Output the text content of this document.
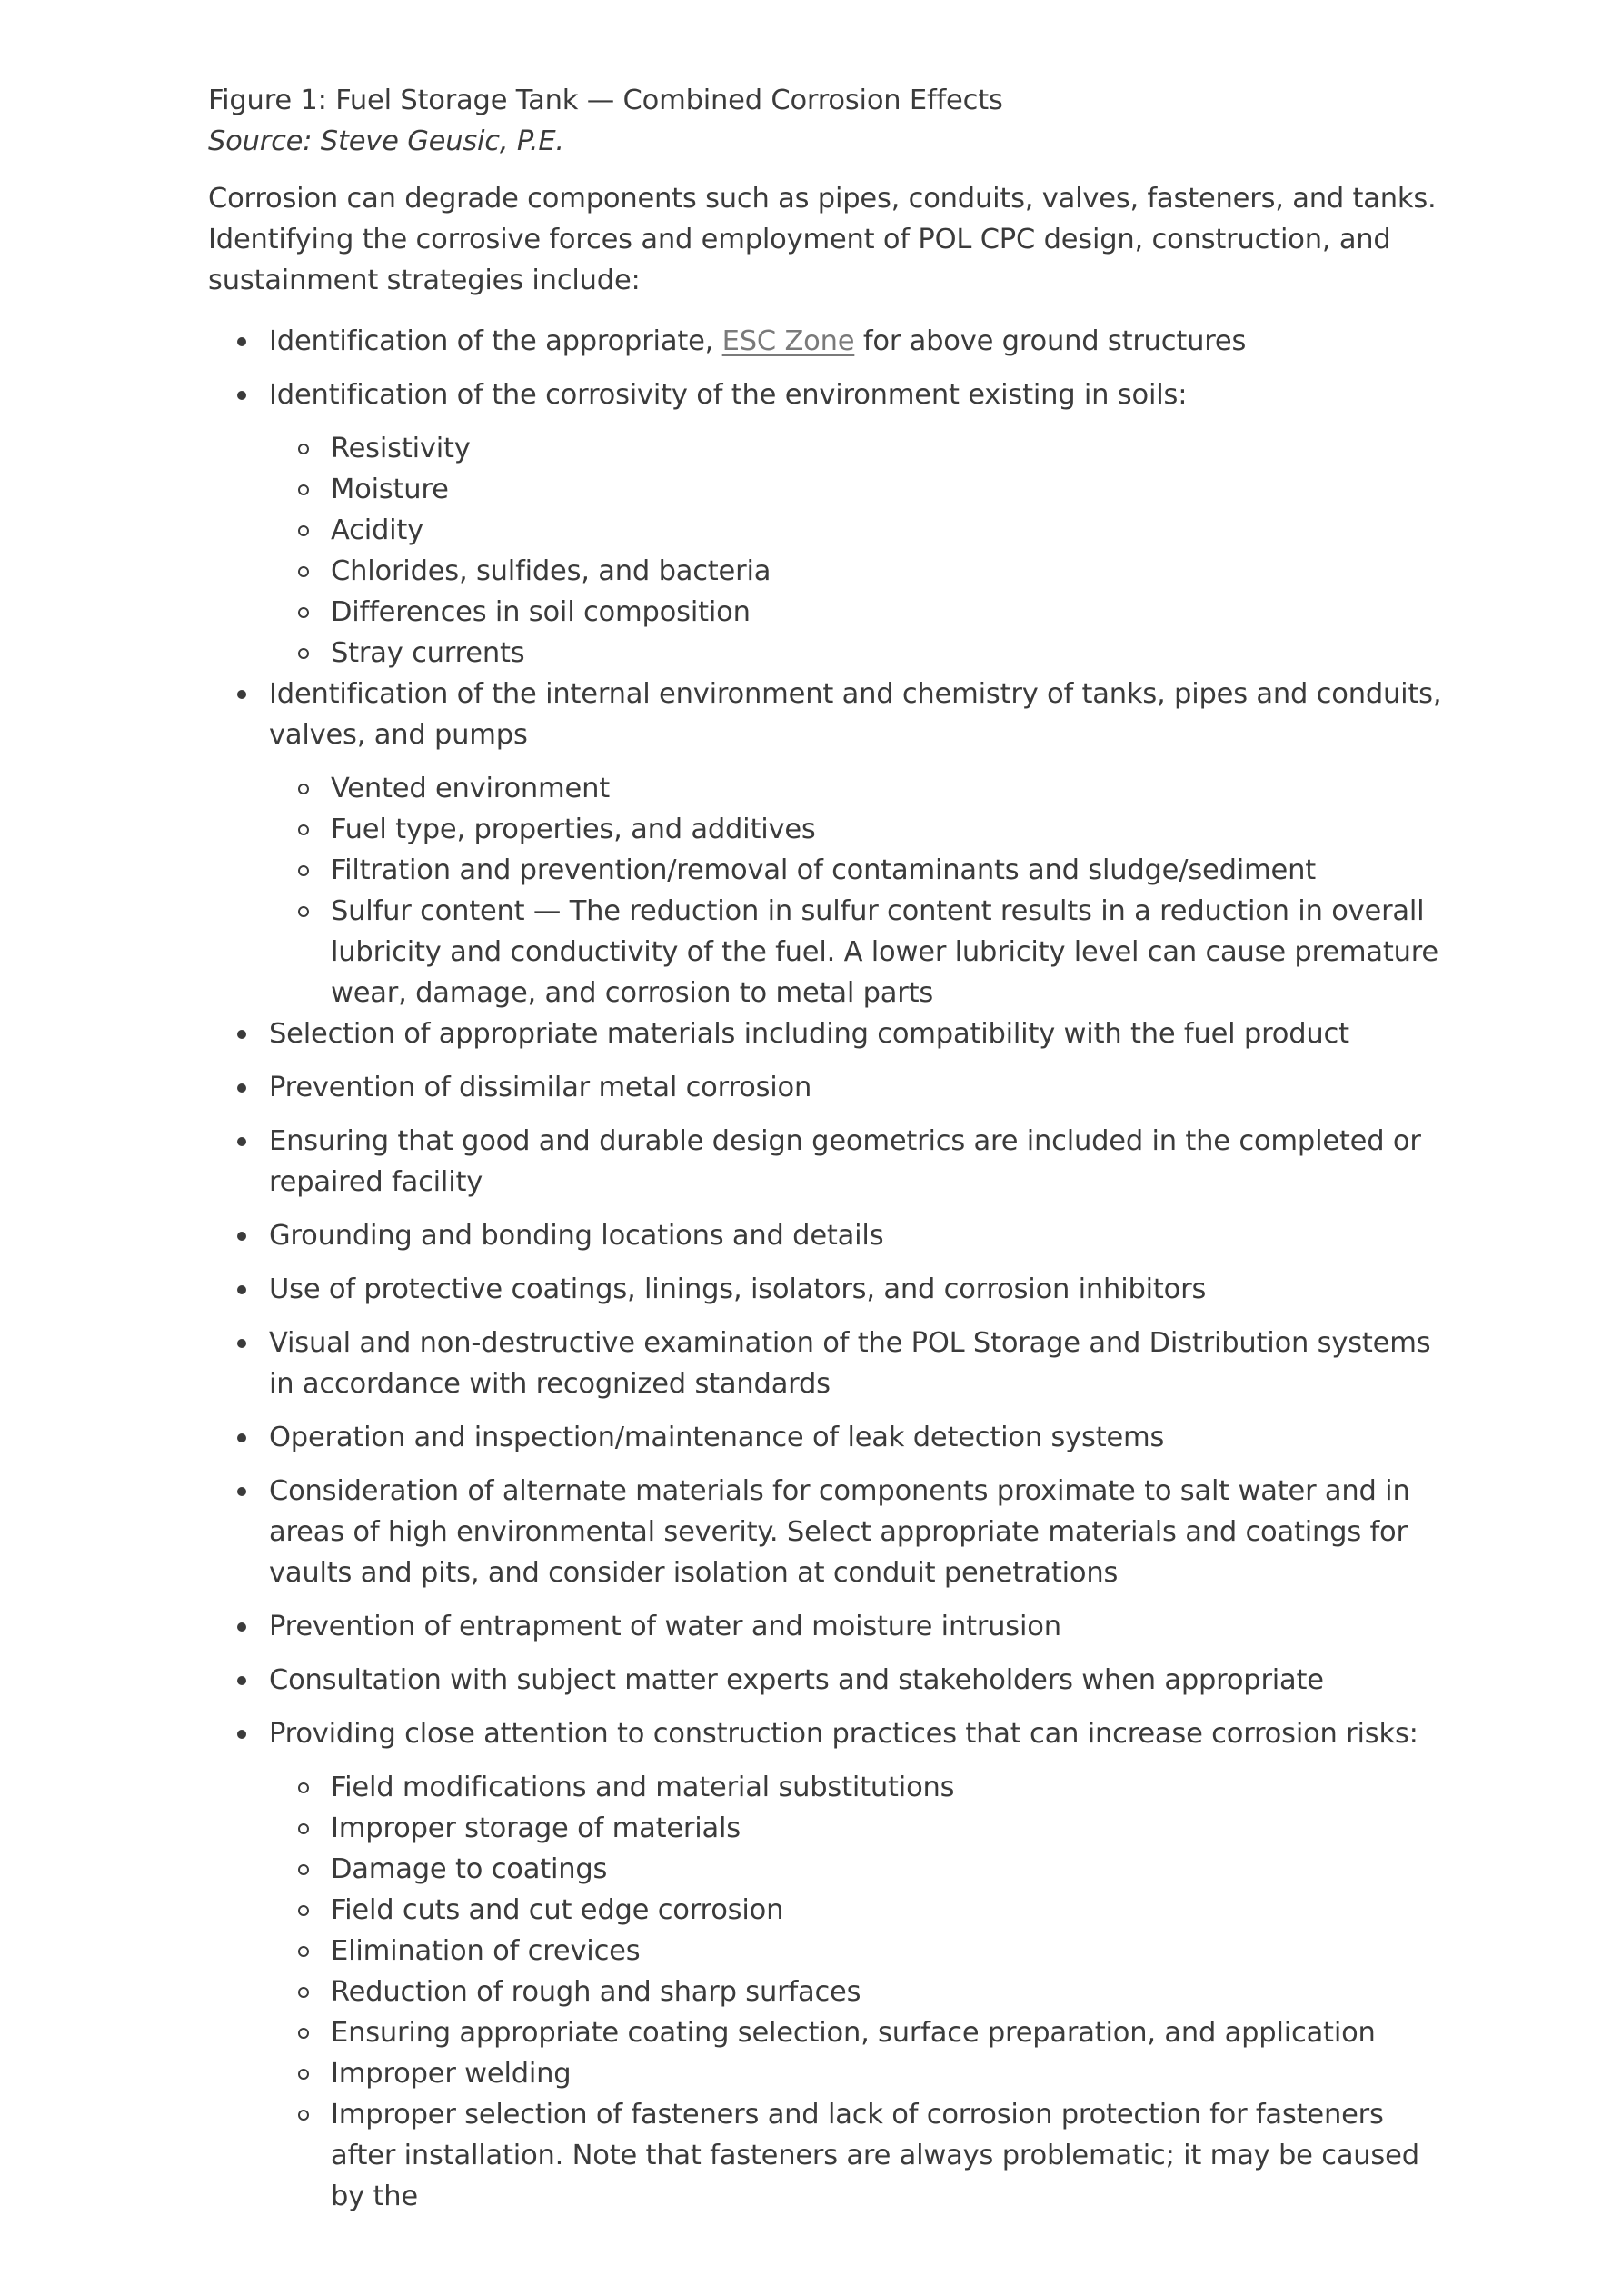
Figure 1: Fuel Storage Tank — Combined Corrosion Effects

Source: Steve Geusic, P.E.

Corrosion can degrade components such as pipes, conduits, valves, fasteners, and tanks. Identifying the corrosive forces and employment of POL CPC design, construction, and sustainment strategies include:

Identification of the appropriate, ESC Zone for above ground structures
Identification of the corrosivity of the environment existing in soils:
Resistivity
Moisture
Acidity
Chlorides, sulfides, and bacteria
Differences in soil composition
Stray currents
Identification of the internal environment and chemistry of tanks, pipes and conduits, valves, and pumps
Vented environment
Fuel type, properties, and additives
Filtration and prevention/removal of contaminants and sludge/sediment
Sulfur content — The reduction in sulfur content results in a reduction in overall lubricity and conductivity of the fuel. A lower lubricity level can cause premature wear, damage, and corrosion to metal parts
Selection of appropriate materials including compatibility with the fuel product
Prevention of dissimilar metal corrosion
Ensuring that good and durable design geometrics are included in the completed or repaired facility
Grounding and bonding locations and details
Use of protective coatings, linings, isolators, and corrosion inhibitors
Visual and non-destructive examination of the POL Storage and Distribution systems in accordance with recognized standards
Operation and inspection/maintenance of leak detection systems
Consideration of alternate materials for components proximate to salt water and in areas of high environmental severity. Select appropriate materials and coatings for vaults and pits, and consider isolation at conduit penetrations
Prevention of entrapment of water and moisture intrusion
Consultation with subject matter experts and stakeholders when appropriate
Providing close attention to construction practices that can increase corrosion risks:
Field modifications and material substitutions
Improper storage of materials
Damage to coatings
Field cuts and cut edge corrosion
Elimination of crevices
Reduction of rough and sharp surfaces
Ensuring appropriate coating selection, surface preparation, and application
Improper welding
Improper selection of fasteners and lack of corrosion protection for fasteners after installation. Note that fasteners are always problematic; it may be caused by the
